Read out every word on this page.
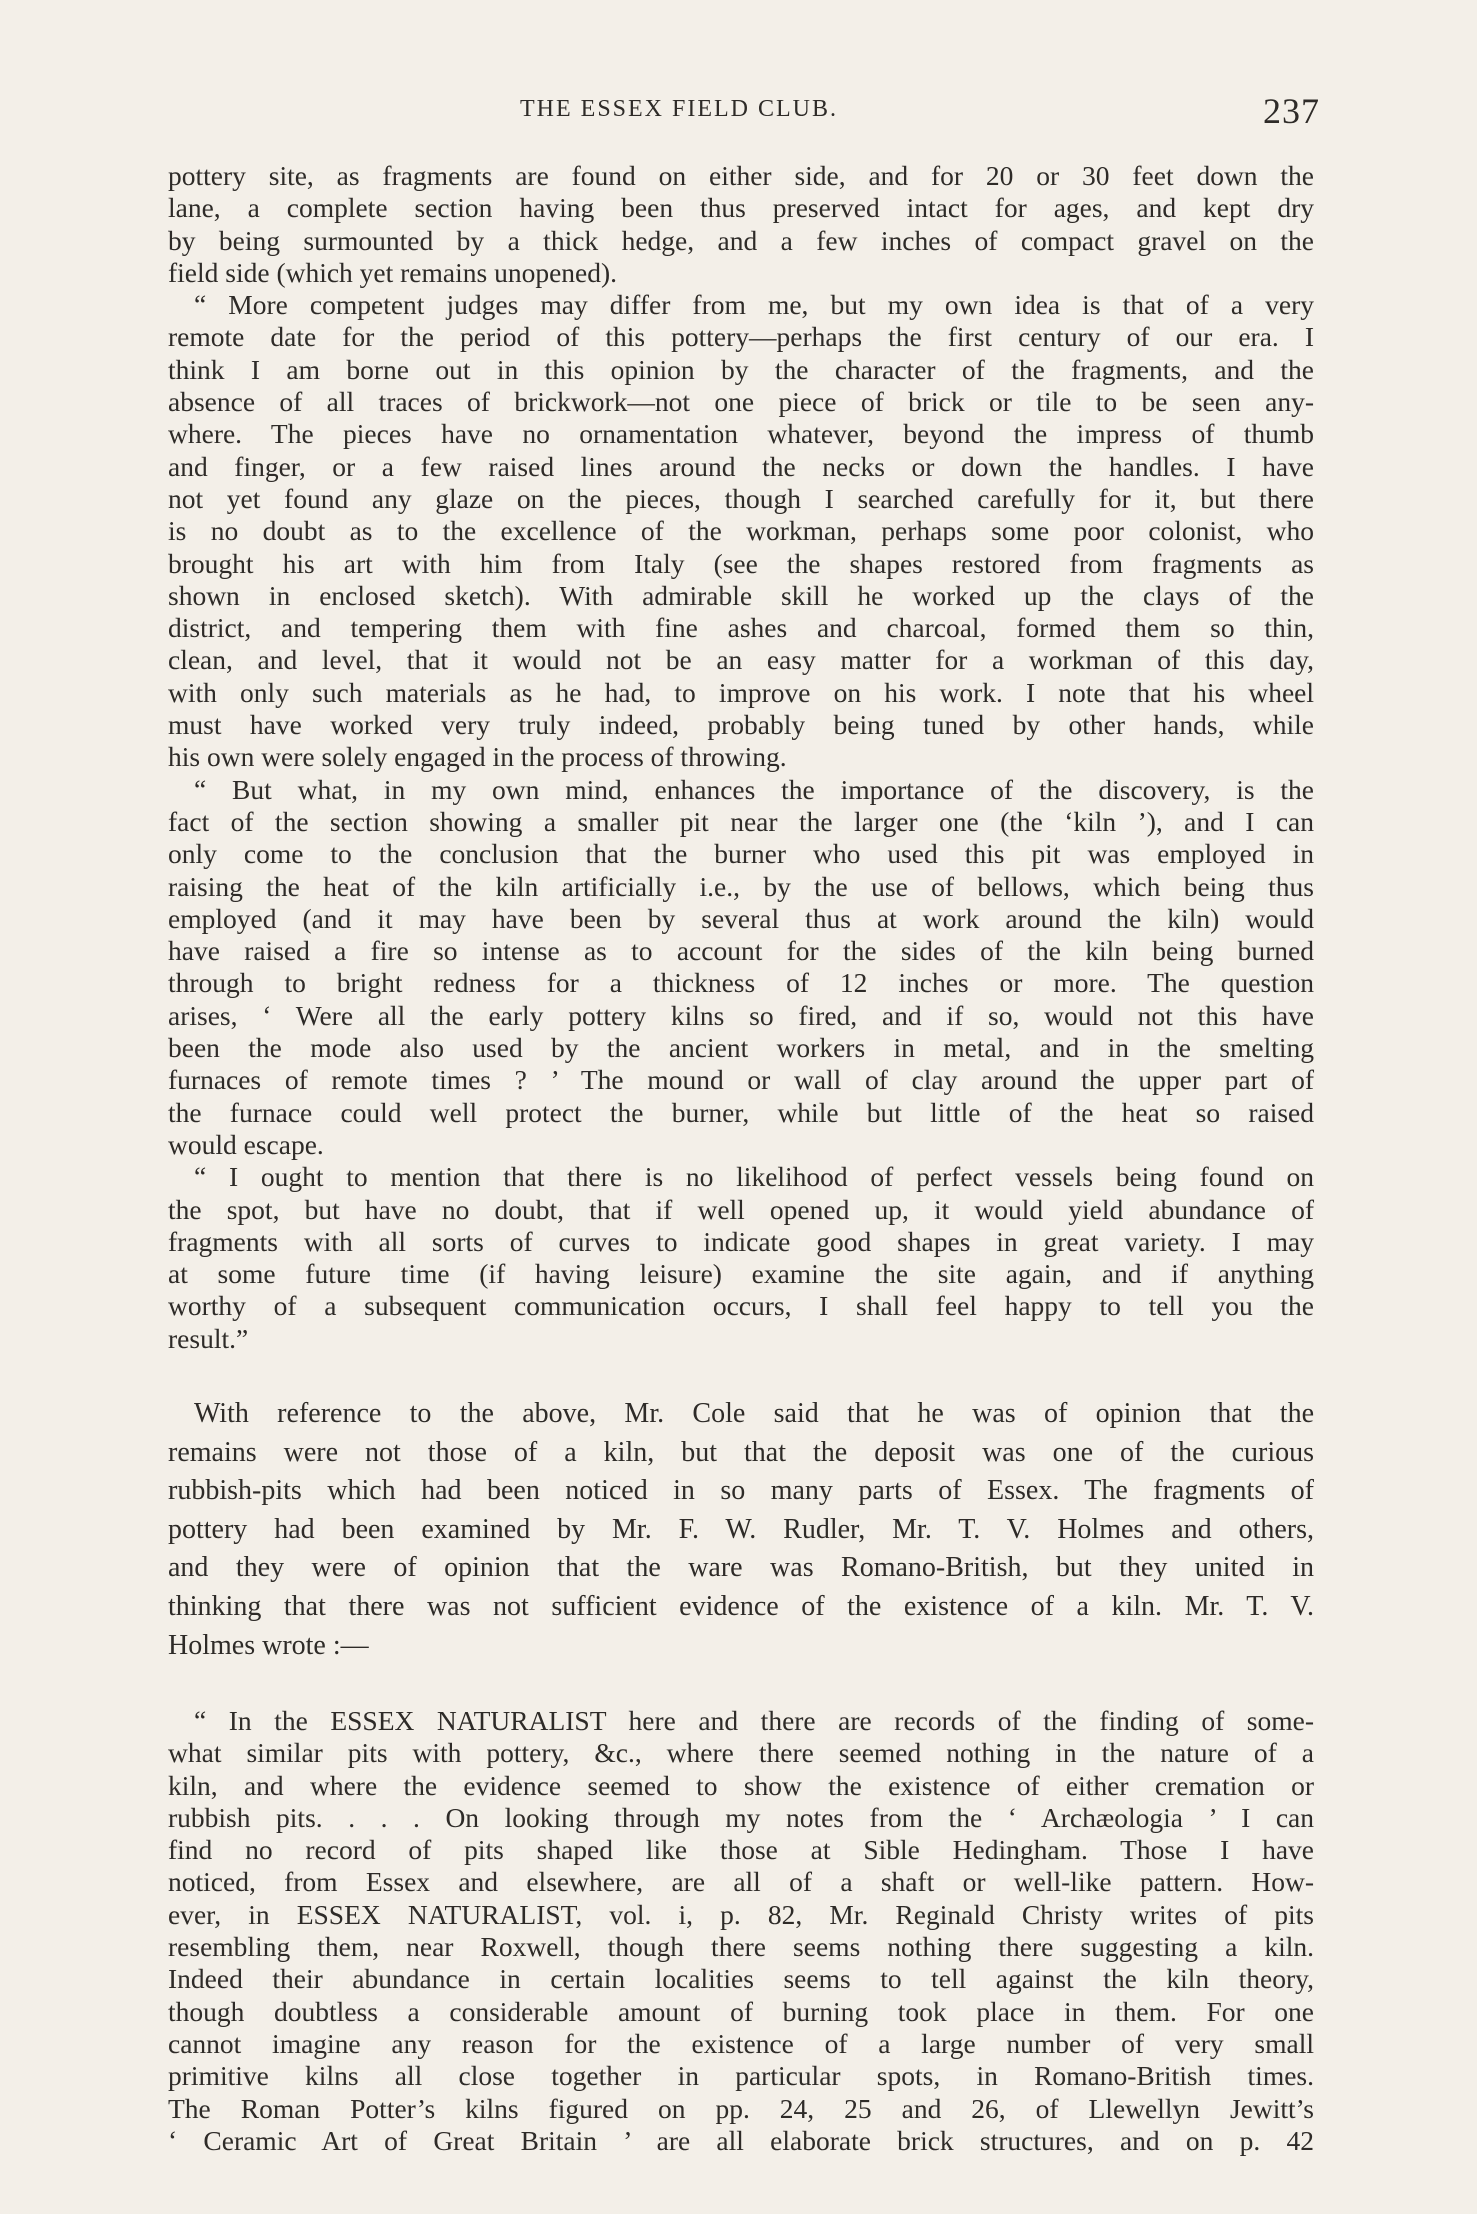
THE ESSEX FIELD CLUB.	237
pottery site, as fragments are found on either side, and for 20 or 30 feet down the
lane, a complete section having been thus preserved intact for ages, and kept dry
by being surmounted by a thick hedge, and a few inches of compact gravel on the
field side (which yet remains unopened).
“ More competent judges may differ from me, but my own idea is that of a very
remote date for the period of this pottery—perhaps the first century of our era. I
think I am borne out in this opinion by the character of the fragments, and the
absence of all traces of brickwork—not one piece of brick or tile to be seen any-
where. The pieces have no ornamentation whatever, beyond the impress of thumb
and finger, or a few raised lines around the necks or down the handles. I have
not yet found any glaze on the pieces, though I searched carefully for it, but there
is no doubt as to the excellence of the workman, perhaps some poor colonist, who
brought his art with him from Italy (see the shapes restored from fragments as
shown in enclosed sketch). With admirable skill he worked up the clays of the
district, and tempering them with fine ashes and charcoal, formed them so thin,
clean, and level, that it would not be an easy matter for a workman of this day,
with only such materials as he had, to improve on his work. I note that his wheel
must have worked very truly indeed, probably being tuned by other hands, while
his own were solely engaged in the process of throwing.
“ But what, in my own mind, enhances the importance of the discovery, is the
fact of the section showing a smaller pit near the larger one (the ‘kiln ’), and I can
only come to the conclusion that the burner who used this pit was employed in
raising the heat of the kiln artificially i.e., by the use of bellows, which being thus
employed (and it may have been by several thus at work around the kiln) would
have raised a fire so intense as to account for the sides of the kiln being burned
through to bright redness for a thickness of 12 inches or more. The question
arises, ‘ Were all the early pottery kilns so fired, and if so, would not this have
been the mode also used by the ancient workers in metal, and in the smelting
furnaces of remote times ? ’ The mound or wall of clay around the upper part of
the furnace could well protect the burner, while but little of the heat so raised
would escape.
“ I ought to mention that there is no likelihood of perfect vessels being found on
the spot, but have no doubt, that if well opened up, it would yield abundance of
fragments with all sorts of curves to indicate good shapes in great variety. I may
at some future time (if having leisure) examine the site again, and if anything
worthy of a subsequent communication occurs, I shall feel happy to tell you the
result.”
With reference to the above, Mr. Cole said that he was of opinion that the
remains were not those of a kiln, but that the deposit was one of the curious
rubbish-pits which had been noticed in so many parts of Essex. The fragments of
pottery had been examined by Mr. F. W. Rudler, Mr. T. V. Holmes and others,
and they were of opinion that the ware was Romano-British, but they united in
thinking that there was not sufficient evidence of the existence of a kiln. Mr. T. V.
Holmes wrote :—
“ In the ESSEX NATURALIST here and there are records of the finding of some-
what similar pits with pottery, &c., where there seemed nothing in the nature of a
kiln, and where the evidence seemed to show the existence of either cremation or
rubbish pits. . . . On looking through my notes from the ‘ Archæologia ’ I can
find no record of pits shaped like those at Sible Hedingham. Those I have
noticed, from Essex and elsewhere, are all of a shaft or well-like pattern. How-
ever, in ESSEX NATURALIST, vol. i, p. 82, Mr. Reginald Christy writes of pits
resembling them, near Roxwell, though there seems nothing there suggesting a kiln.
Indeed their abundance in certain localities seems to tell against the kiln theory,
though doubtless a considerable amount of burning took place in them. For one
cannot imagine any reason for the existence of a large number of very small
primitive kilns all close together in particular spots, in Romano-British times.
The Roman Potter’s kilns figured on pp. 24, 25 and 26, of Llewellyn Jewitt’s
‘ Ceramic Art of Great Britain ’ are all elaborate brick structures, and on p. 42
